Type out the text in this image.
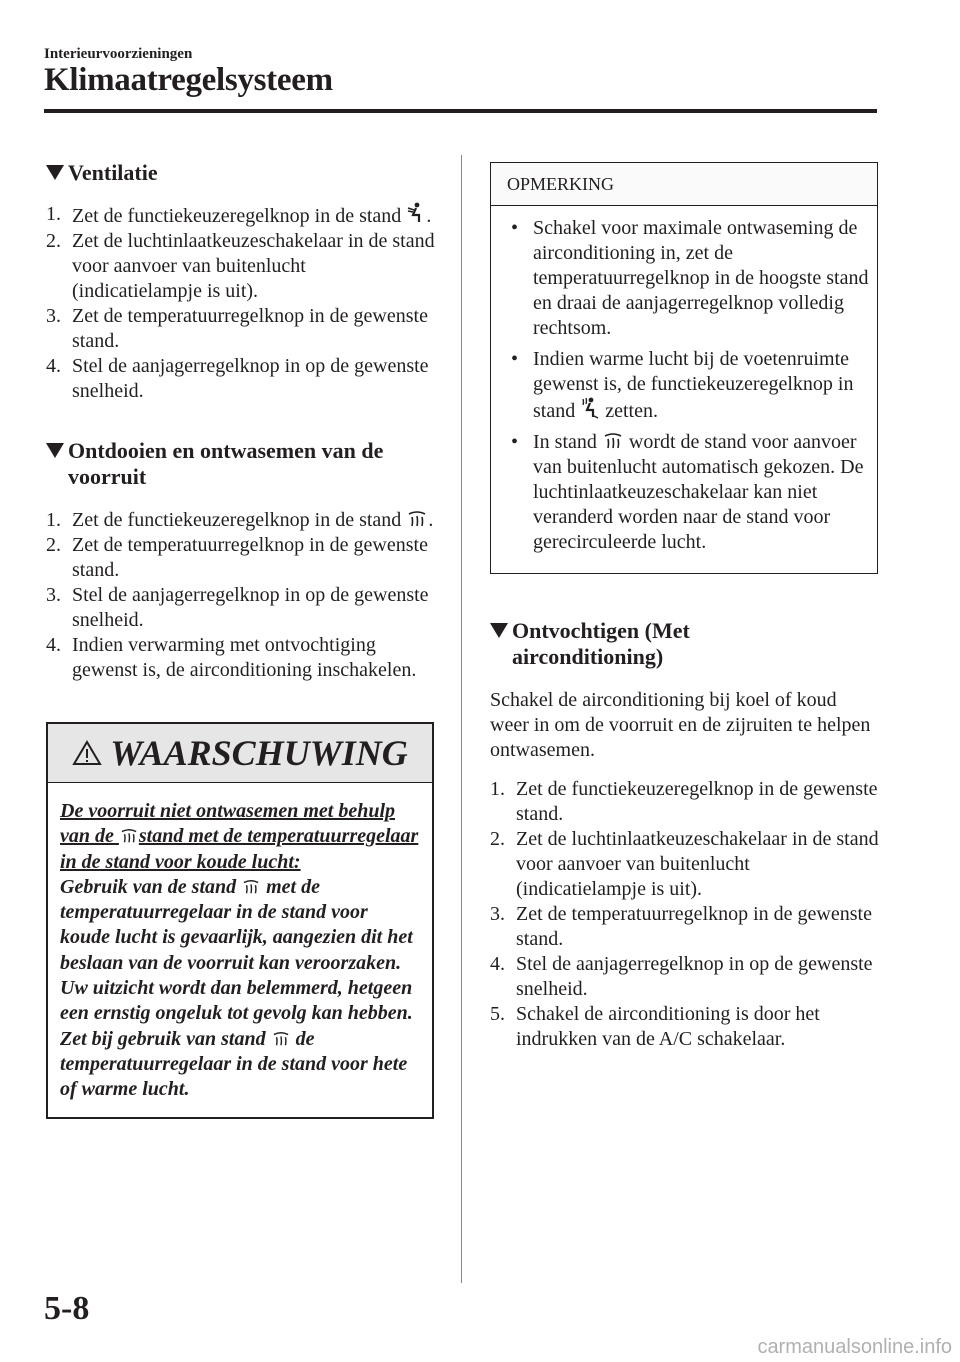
Interieurvoorzieningen
Klimaatregelsysteem
Ventilatie
1. Zet de functiekeuzeregelknop in de stand .
2. Zet de luchtinlaatkeuzeschakelaar in de stand voor aanvoer van buitenlucht (indicatielampje is uit).
3. Zet de temperatuurregelknop in de gewenste stand.
4. Stel de aanjagerregelknop in op de gewenste snelheid.
Ontdooien en ontwasemen van de
voorruit
1. Zet de functiekeuzeregelknop in de stand .
2. Zet de temperatuurregelknop in de gewenste stand.
3. Stel de aanjagerregelknop in op de gewenste snelheid.
4. Indien verwarming met ontvochtiging gewenst is, de airconditioning inschakelen.
WAARSCHUWING
De voorruit niet ontwasemen met behulp van de stand met de temperatuurregelaar in de stand voor koude lucht:
Gebruik van de stand  met de temperatuurregelaar in de stand voor koude lucht is gevaarlijk, aangezien dit het beslaan van de voorruit kan veroorzaken. Uw uitzicht wordt dan belemmerd, hetgeen een ernstig ongeluk tot gevolg kan hebben. Zet bij gebruik van stand  de temperatuurregelaar in de stand voor hete of warme lucht.
OPMERKING
• Schakel voor maximale ontwaseming de airconditioning in, zet de temperatuurregelknop in de hoogste stand en draai de aanjagerregelknop volledig rechtsom.
• Indien warme lucht bij de voetenruimte gewenst is, de functiekeuzeregelknop in stand  zetten.
• In stand  wordt de stand voor aanvoer van buitenlucht automatisch gekozen. De luchtinlaatkeuzeschakelaar kan niet veranderd worden naar de stand voor gerecirculeerde lucht.
Ontvochtigen (Met
airconditioning)

Schakel de airconditioning bij koel of koud weer in om de voorruit en de zijruiten te helpen ontwasemen.

1. Zet de functiekeuzeregelknop in de gewenste stand.
2. Zet de luchtinlaatkeuzeschakelaar in de stand voor aanvoer van buitenlucht (indicatielampje is uit).
3. Zet de temperatuurregelknop in de gewenste stand.
4. Stel de aanjagerregelknop in op de gewenste snelheid.
5. Schakel de airconditioning is door het indrukken van de A/C schakelaar.
5-8
carmanualsonline.info
